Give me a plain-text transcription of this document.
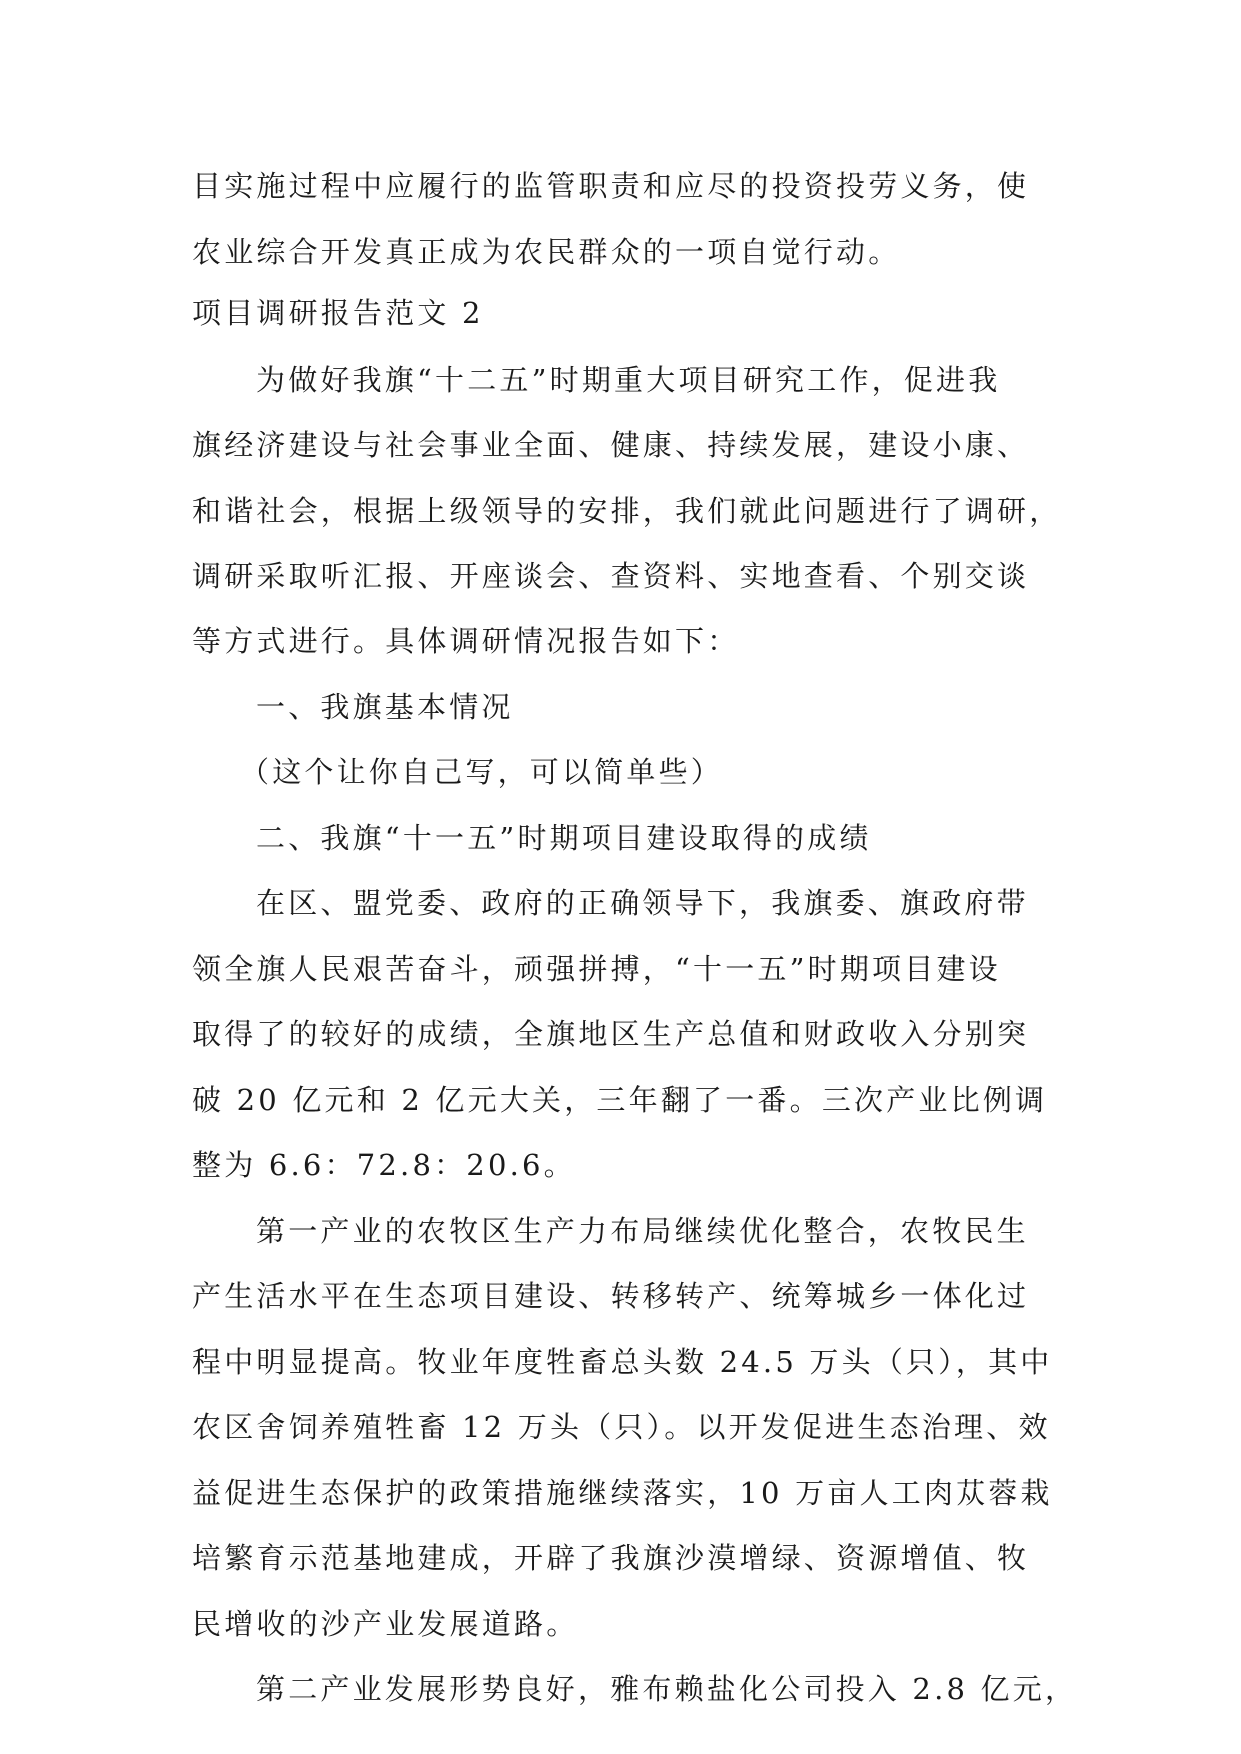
目实施过程中应履行的监管职责和应尽的投资投劳义务，使

农业综合开发真正成为农民群众的一项自觉行动。

项目调研报告范文 2

为做好我旗“十二五”时期重大项目研究工作，促进我

旗经济建设与社会事业全面、健康、持续发展，建设小康、

和谐社会，根据上级领导的安排，我们就此问题进行了调研，

调研采取听汇报、开座谈会、查资料、实地查看、个别交谈

等方式进行。具体调研情况报告如下：

一、我旗基本情况

（这个让你自己写，可以简单些）

二、我旗“十一五”时期项目建设取得的成绩

在区、盟党委、政府的正确领导下，我旗委、旗政府带

领全旗人民艰苦奋斗，顽强拼搏，“十一五”时期项目建设

取得了的较好的成绩，全旗地区生产总值和财政收入分别突

破 20 亿元和 2 亿元大关，三年翻了一番。三次产业比例调

整为 6.6：72.8：20.6。

第一产业的农牧区生产力布局继续优化整合，农牧民生

产生活水平在生态项目建设、转移转产、统筹城乡一体化过

程中明显提高。牧业年度牲畜总头数 24.5 万头（只），其中

农区舍饲养殖牲畜 12 万头（只）。以开发促进生态治理、效

益促进生态保护的政策措施继续落实，10 万亩人工肉苁蓉栽

培繁育示范基地建成，开辟了我旗沙漠增绿、资源增值、牧

民增收的沙产业发展道路。

第二产业发展形势良好，雅布赖盐化公司投入 2.8 亿元，
